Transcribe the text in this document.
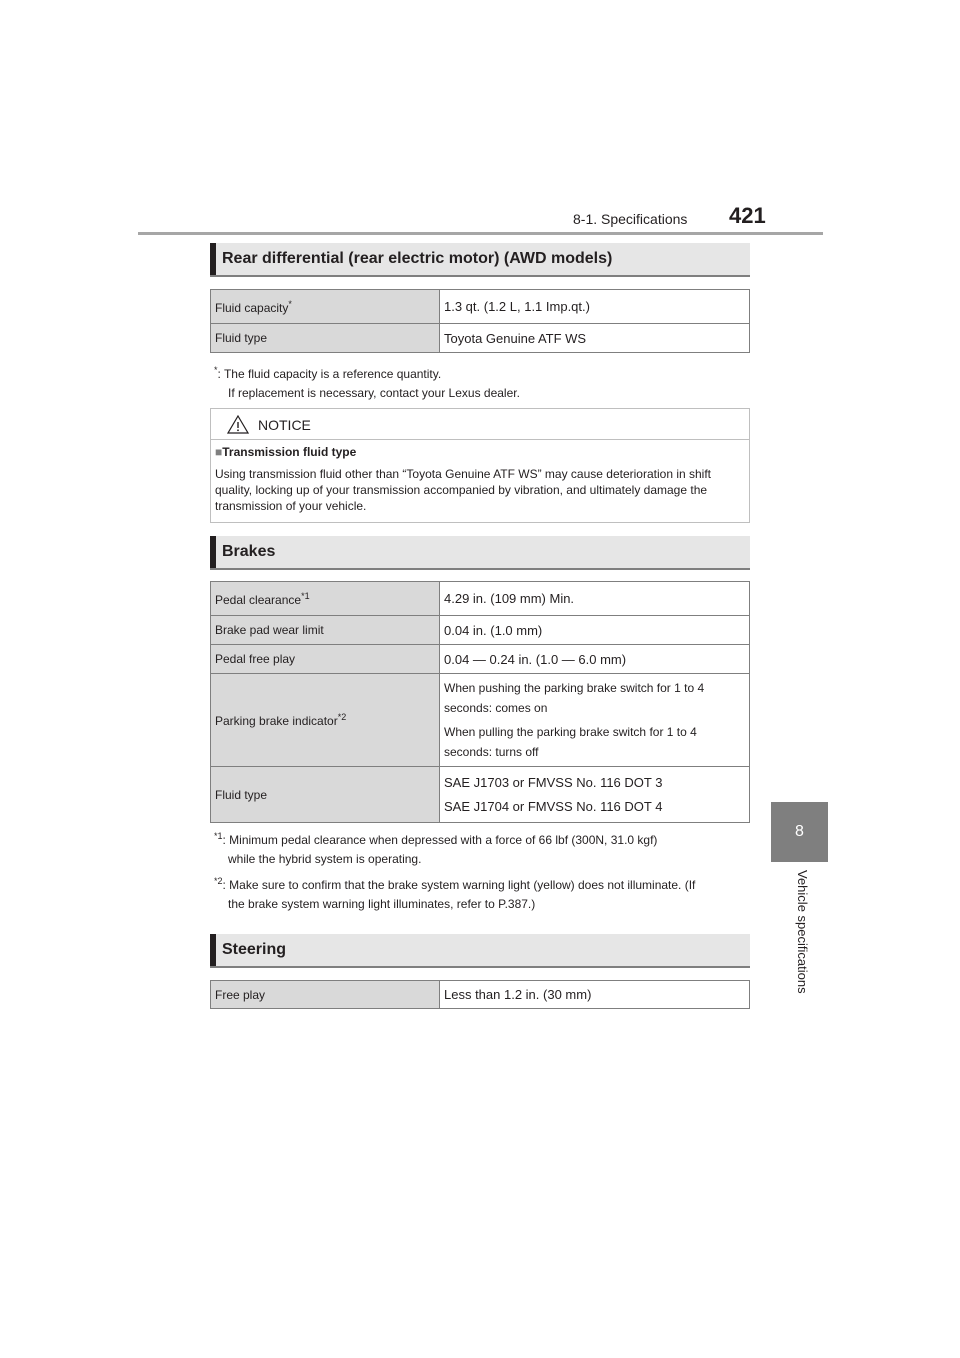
8-1. Specifications 421
8
Vehicle specifications
Rear differential (rear electric motor) (AWD models)
Fluid capacity*	1.3 qt. (1.2 L, 1.1 Imp.qt.)
Fluid type	Toyota Genuine ATF WS
*: The fluid capacity is a reference quantity.
If replacement is necessary, contact your Lexus dealer.
NOTICE
■Transmission fluid type
Using transmission fluid other than “Toyota Genuine ATF WS” may cause deterioration in shift quality, locking up of your transmission accompanied by vibration, and ultimately damage the transmission of your vehicle.
Brakes
Pedal clearance$^{*1}$	4.29 in. (109 mm) Min.
Brake pad wear limit	0.04 in. (1.0 mm)
Pedal free play	0.04 — 0.24 in. (1.0 — 6.0 mm)
Parking brake indicator$^{*2}$	When pushing the parking brake switch for 1 to 4 seconds: comes on

When pulling the parking brake switch for 1 to 4 seconds: turns off

Fluid type	SAE J1703 or FMVSS No. 116 DOT 3

SAE J1704 or FMVSS No. 116 DOT 4

$^{*1}$: Minimum pedal clearance when depressed with a force of 66 lbf (300N, 31.0 kgf)
while the hybrid system is operating.
$^{*2}$: Make sure to confirm that the brake system warning light (yellow) does not illuminate. (If
the brake system warning light illuminates, refer to P.387.)
Steering
Free play	Less than 1.2 in. (30 mm)
